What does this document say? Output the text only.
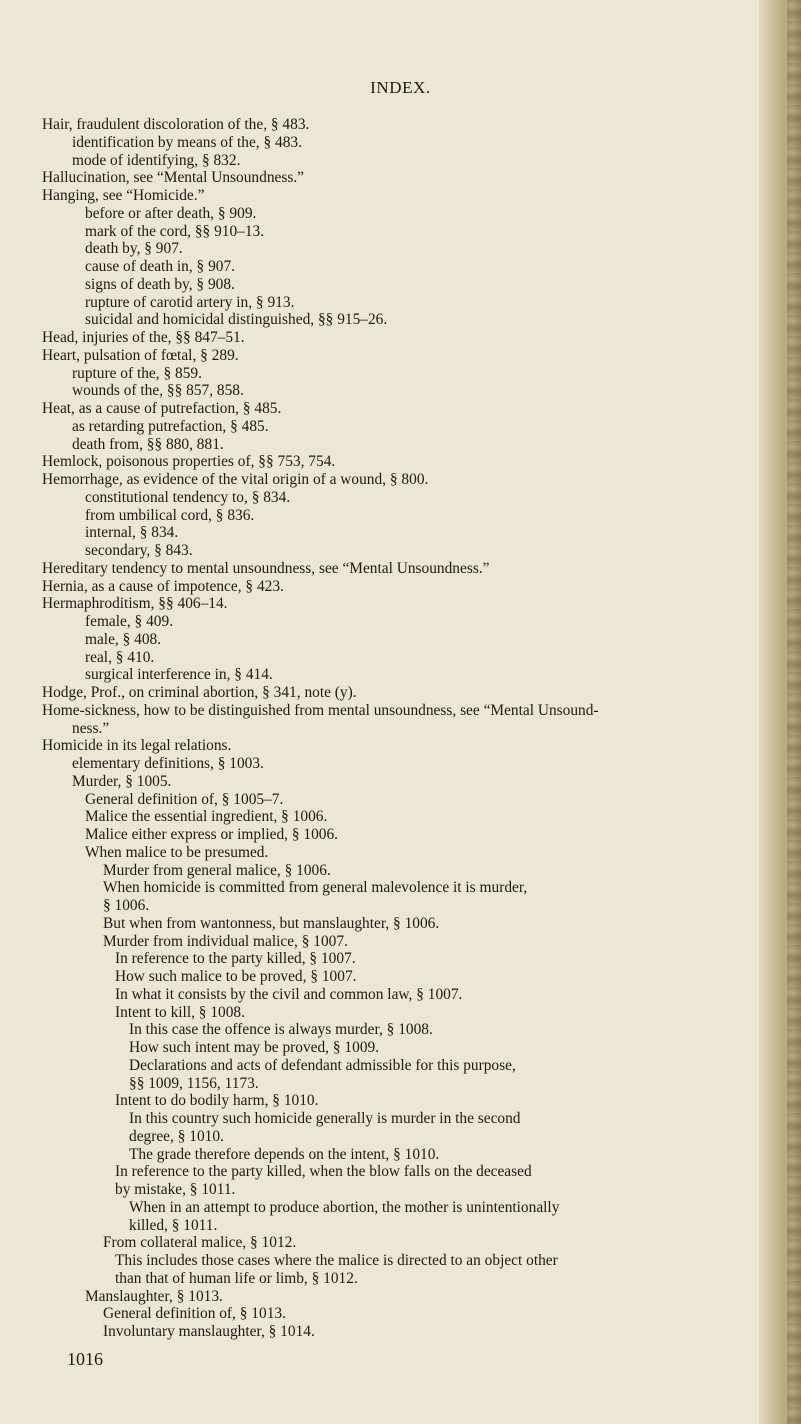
INDEX.
Hair, fraudulent discoloration of the, § 483.
identification by means of the, § 483.
mode of identifying, § 832.
Hallucination, see “Mental Unsoundness.”
Hanging, see “Homicide.”
before or after death, § 909.
mark of the cord, §§ 910–13.
death by, § 907.
cause of death in, § 907.
signs of death by, § 908.
rupture of carotid artery in, § 913.
suicidal and homicidal distinguished, §§ 915–26.
Head, injuries of the, §§ 847–51.
Heart, pulsation of fœtal, § 289.
rupture of the, § 859.
wounds of the, §§ 857, 858.
Heat, as a cause of putrefaction, § 485.
as retarding putrefaction, § 485.
death from, §§ 880, 881.
Hemlock, poisonous properties of, §§ 753, 754.
Hemorrhage, as evidence of the vital origin of a wound, § 800.
constitutional tendency to, § 834.
from umbilical cord, § 836.
internal, § 834.
secondary, § 843.
Hereditary tendency to mental unsoundness, see “Mental Unsoundness.”
Hernia, as a cause of impotence, § 423.
Hermaphroditism, §§ 406–14.
female, § 409.
male, § 408.
real, § 410.
surgical interference in, § 414.
Hodge, Prof., on criminal abortion, § 341, note (y).
Home-sickness, how to be distinguished from mental unsoundness, see “Mental Unsound-
ness.”
Homicide in its legal relations.
elementary definitions, § 1003.
Murder, § 1005.
General definition of, § 1005–7.
Malice the essential ingredient, § 1006.
Malice either express or implied, § 1006.
When malice to be presumed.
Murder from general malice, § 1006.
When homicide is committed from general malevolence it is murder,
§ 1006.
But when from wantonness, but manslaughter, § 1006.
Murder from individual malice, § 1007.
In reference to the party killed, § 1007.
How such malice to be proved, § 1007.
In what it consists by the civil and common law, § 1007.
Intent to kill, § 1008.
In this case the offence is always murder, § 1008.
How such intent may be proved, § 1009.
Declarations and acts of defendant admissible for this purpose,
§§ 1009, 1156, 1173.
Intent to do bodily harm, § 1010.
In this country such homicide generally is murder in the second
degree, § 1010.
The grade therefore depends on the intent, § 1010.
In reference to the party killed, when the blow falls on the deceased
by mistake, § 1011.
When in an attempt to produce abortion, the mother is unintentionally
killed, § 1011.
From collateral malice, § 1012.
This includes those cases where the malice is directed to an object other
than that of human life or limb, § 1012.
Manslaughter, § 1013.
General definition of, § 1013.
Involuntary manslaughter, § 1014.
1016
